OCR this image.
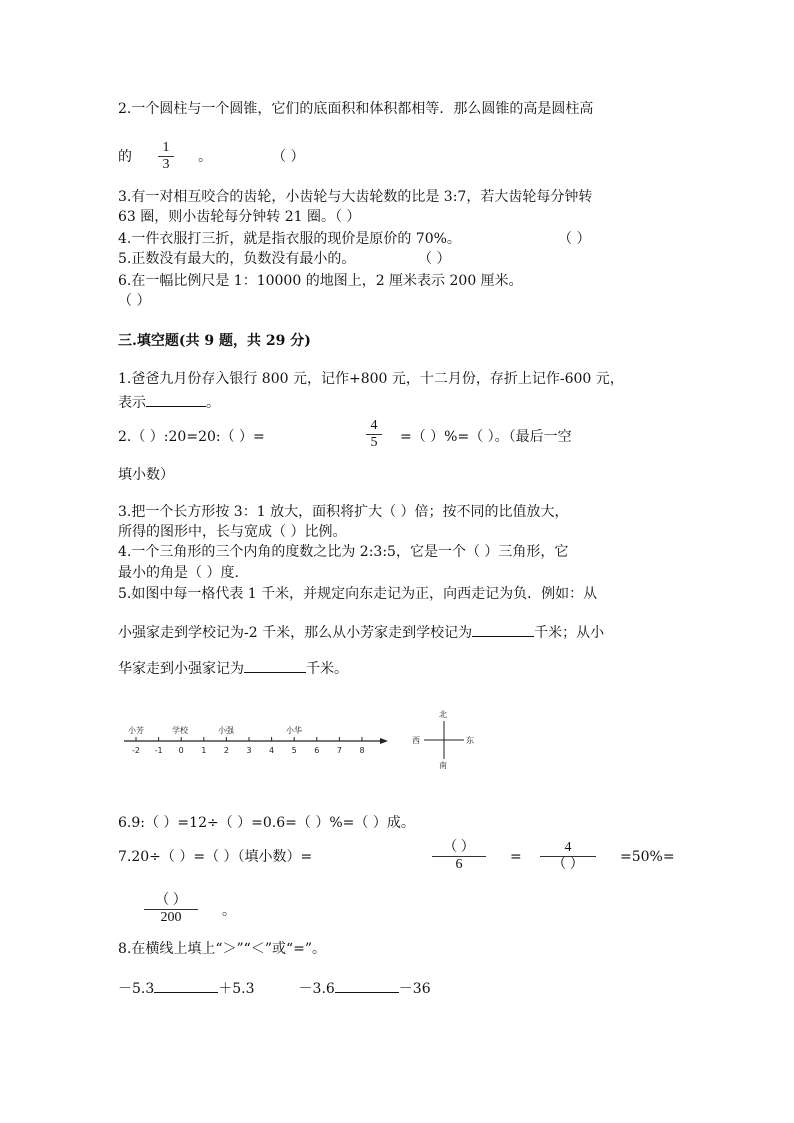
2.一个圆柱与一个圆锥，它们的底面积和体积都相等．那么圆锥的高是圆柱高
的
1
3	。	（ ）
3.有一对相互咬合的齿轮，小齿轮与大齿轮数的比是 3:7，若大齿轮每分钟转
63 圈，则小齿轮每分钟转 21 圈。（ ）
4.一件衣服打三折，就是指衣服的现价是原价的 70%。	（ ）
5.正数没有最大的，负数没有最小的。	（ ）
6.在一幅比例尺是 1：10000 的地图上，2 厘米表示 200 厘米。
（ ）
三.填空题(共 9 题，共 29 分)
1.爸爸九月份存入银行 800 元，记作+800 元，十二月份，存折上记作-600 元，
表示	。
2.（ ）:20=20:（ ）=
4
5	=（ ）%=（ ）。（最后一空
填小数）
3.把一个长方形按 3：1 放大，面积将扩大（ ）倍；按不同的比值放大，
所得的图形中，长与宽成（ ）比例。
4.一个三角形的三个内角的度数之比为 2:3:5，它是一个（ ）三角形，它
最小的角是（ ）度.
5.如图中每一格代表 1 千米，并规定向东走记为正，向西走记为负．例如：从
小强家走到学校记为-2 千米，那么从小芳家走到学校记为	千米；从小
华家走到小强家记为	千米。
-2 -1 0 1 2 3 4 5 6 7 8
小芳	学校	小强	小华
北
南
东
西
6.9:（ ）=12÷（ ）=0.6=（ ）%=（ ）成。
7.20÷（ ）=（ ）（填小数）=
（ ）
6	=
4
（ ）	=50%=
（ ）
200	。
8.在横线上填上“＞”“＜”或“=”。
－5.3	＋5.3	－3.6	－36
